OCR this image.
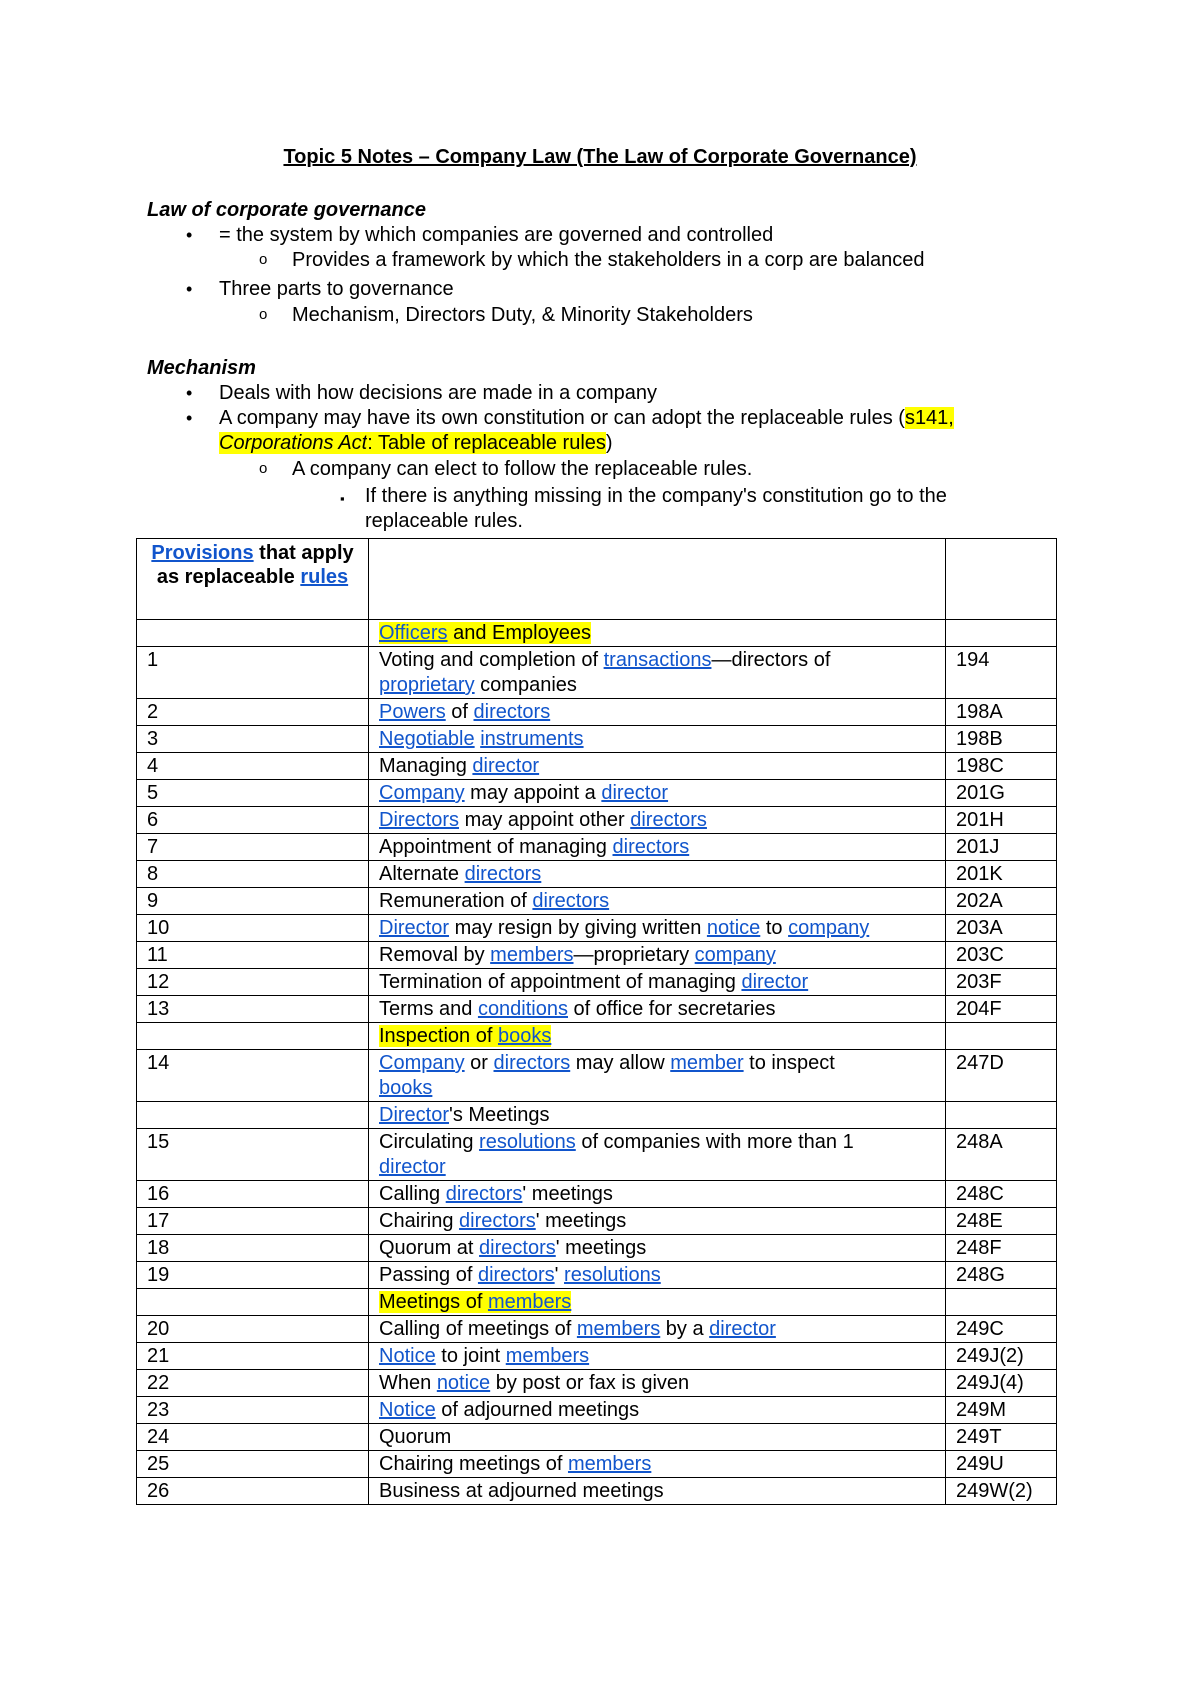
Topic 5 Notes – Company Law (The Law of Corporate Governance)
Law of corporate governance
• = the system by which companies are governed and controlled
o Provides a framework by which the stakeholders in a corp are balanced
• Three parts to governance
o Mechanism, Directors Duty, & Minority Stakeholders
Mechanism
• Deals with how decisions are made in a company
• A company may have its own constitution or can adopt the replaceable rules (s141,
Corporations Act: Table of replaceable rules)
o A company can elect to follow the replaceable rules.
▪ If there is anything missing in the company's constitution go to the
replaceable rules.
Provisions that apply as replaceable rules		
	Officers and Employees	
1	Voting and completion of transactions—directors of
proprietary companies	194
2	Powers of directors	198A
3	Negotiable instruments	198B
4	Managing director	198C
5	Company may appoint a director	201G
6	Directors may appoint other directors	201H
7	Appointment of managing directors	201J
8	Alternate directors	201K
9	Remuneration of directors	202A
10	Director may resign by giving written notice to company	203A
11	Removal by members—proprietary company	203C
12	Termination of appointment of managing director	203F
13	Terms and conditions of office for secretaries	204F
	Inspection of books	
14	Company or directors may allow member to inspect
books	247D
	Director's Meetings	
15	Circulating resolutions of companies with more than 1
director	248A
16	Calling directors' meetings	248C
17	Chairing directors' meetings	248E
18	Quorum at directors' meetings	248F
19	Passing of directors' resolutions	248G
	Meetings of members	
20	Calling of meetings of members by a director	249C
21	Notice to joint members	249J(2)
22	When notice by post or fax is given	249J(4)
23	Notice of adjourned meetings	249M
24	Quorum	249T
25	Chairing meetings of members	249U
26	Business at adjourned meetings	249W(2)
